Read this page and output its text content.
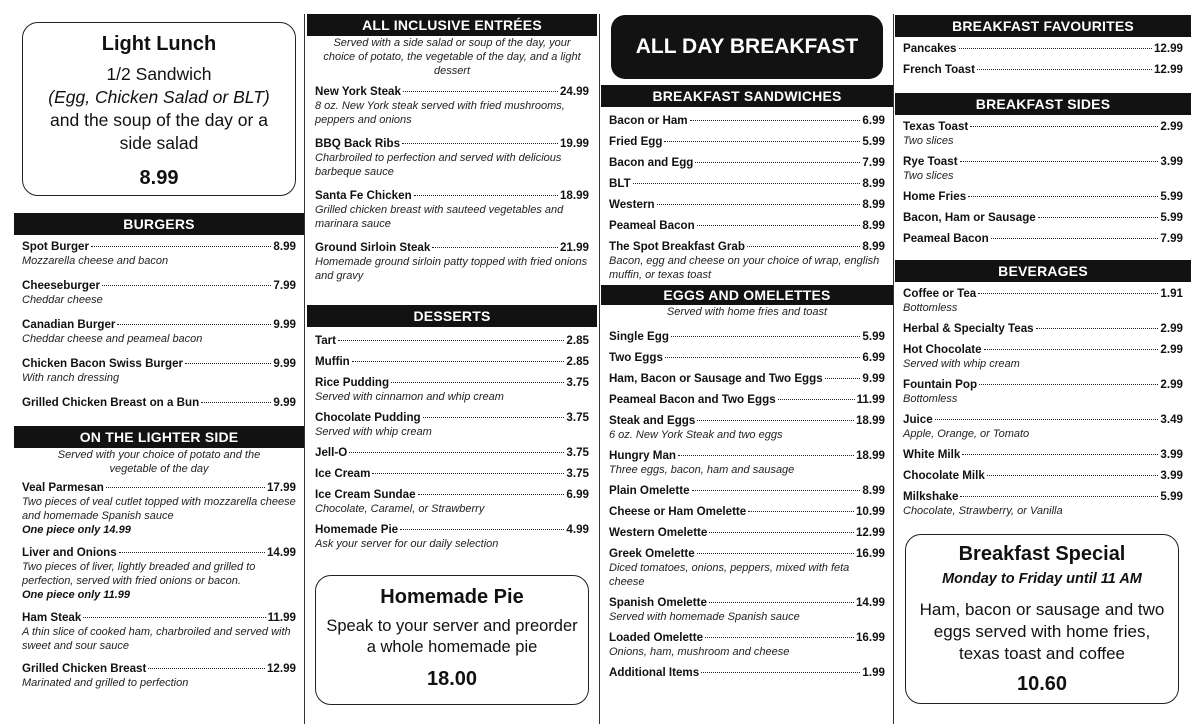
Light Lunch
1/2 Sandwich
(Egg, Chicken Salad or BLT)
and the soup of the day or a side salad
8.99
BURGERS
Spot Burger	8.99
Mozzarella cheese and bacon
Cheeseburger	7.99
Cheddar cheese
Canadian Burger	9.99
Cheddar cheese and peameal bacon
Chicken Bacon Swiss Burger	9.99
With ranch dressing
Grilled Chicken Breast on a Bun	9.99
ON THE LIGHTER SIDE
Served with your choice of potato and the vegetable of the day
Veal Parmesan	17.99
Two pieces of veal cutlet topped with mozzarella cheese and homemade Spanish sauce
One piece only 14.99
Liver and Onions	14.99
Two pieces of liver, lightly breaded and grilled to perfection, served with fried onions or bacon.
One piece only 11.99
Ham Steak	11.99
A thin slice of cooked ham, charbroiled and served with sweet and sour sauce
Grilled Chicken Breast	12.99
Marinated and grilled to perfection
ALL INCLUSIVE ENTRÉES
Served with a side salad or soup of the day, your choice of potato, the vegetable of the day, and a light dessert
New York Steak	24.99
8 oz. New York steak served with fried mushrooms, peppers and onions
BBQ Back Ribs	19.99
Charbroiled to perfection and served with delicious barbeque sauce
Santa Fe Chicken	18.99
Grilled chicken breast with sauteed vegetables and marinara sauce
Ground Sirloin Steak	21.99
Homemade ground sirloin patty topped with fried onions and gravy
DESSERTS
Tart	2.85
Muffin	2.85
Rice Pudding	3.75
Served with cinnamon and whip cream
Chocolate Pudding	3.75
Served with whip cream
Jell-O	3.75
Ice Cream	3.75
Ice Cream Sundae	6.99
Chocolate, Caramel, or Strawberry
Homemade Pie	4.99
Ask your server for our daily selection
Homemade Pie
Speak to your server and preorder a whole homemade pie
18.00
ALL DAY BREAKFAST
BREAKFAST SANDWICHES
Bacon or Ham	6.99
Fried Egg	5.99
Bacon and Egg	7.99
BLT	8.99
Western	8.99
Peameal Bacon	8.99
The Spot Breakfast Grab	8.99
Bacon, egg and cheese on your choice of wrap, english muffin, or texas toast
EGGS AND OMELETTES
Served with home fries and toast
Single Egg	5.99
Two Eggs	6.99
Ham, Bacon or Sausage and Two Eggs	9.99
Peameal Bacon and Two Eggs	11.99
Steak and Eggs	18.99
6 oz. New York Steak and two eggs
Hungry Man	18.99
Three eggs, bacon, ham and sausage
Plain Omelette	8.99
Cheese or Ham Omelette	10.99
Western Omelette	12.99
Greek Omelette	16.99
Diced tomatoes, onions, peppers, mixed with feta cheese
Spanish Omelette	14.99
Served with homemade Spanish sauce
Loaded Omelette	16.99
Onions, ham, mushroom and cheese
Additional Items	1.99
BREAKFAST FAVOURITES
Pancakes	12.99
French Toast	12.99
BREAKFAST SIDES
Texas Toast	2.99
Two slices
Rye Toast	3.99
Two slices
Home Fries	5.99
Bacon, Ham or Sausage	5.99
Peameal Bacon	7.99
BEVERAGES
Coffee or Tea	1.91
Bottomless
Herbal & Specialty Teas	2.99
Hot Chocolate	2.99
Served with whip cream
Fountain Pop	2.99
Bottomless
Juice	3.49
Apple, Orange, or Tomato
White Milk	3.99
Chocolate Milk	3.99
Milkshake	5.99
Chocolate, Strawberry, or Vanilla
Breakfast Special
Monday to Friday until 11 AM
Ham, bacon or sausage and two eggs served with home fries, texas toast and coffee
10.60
